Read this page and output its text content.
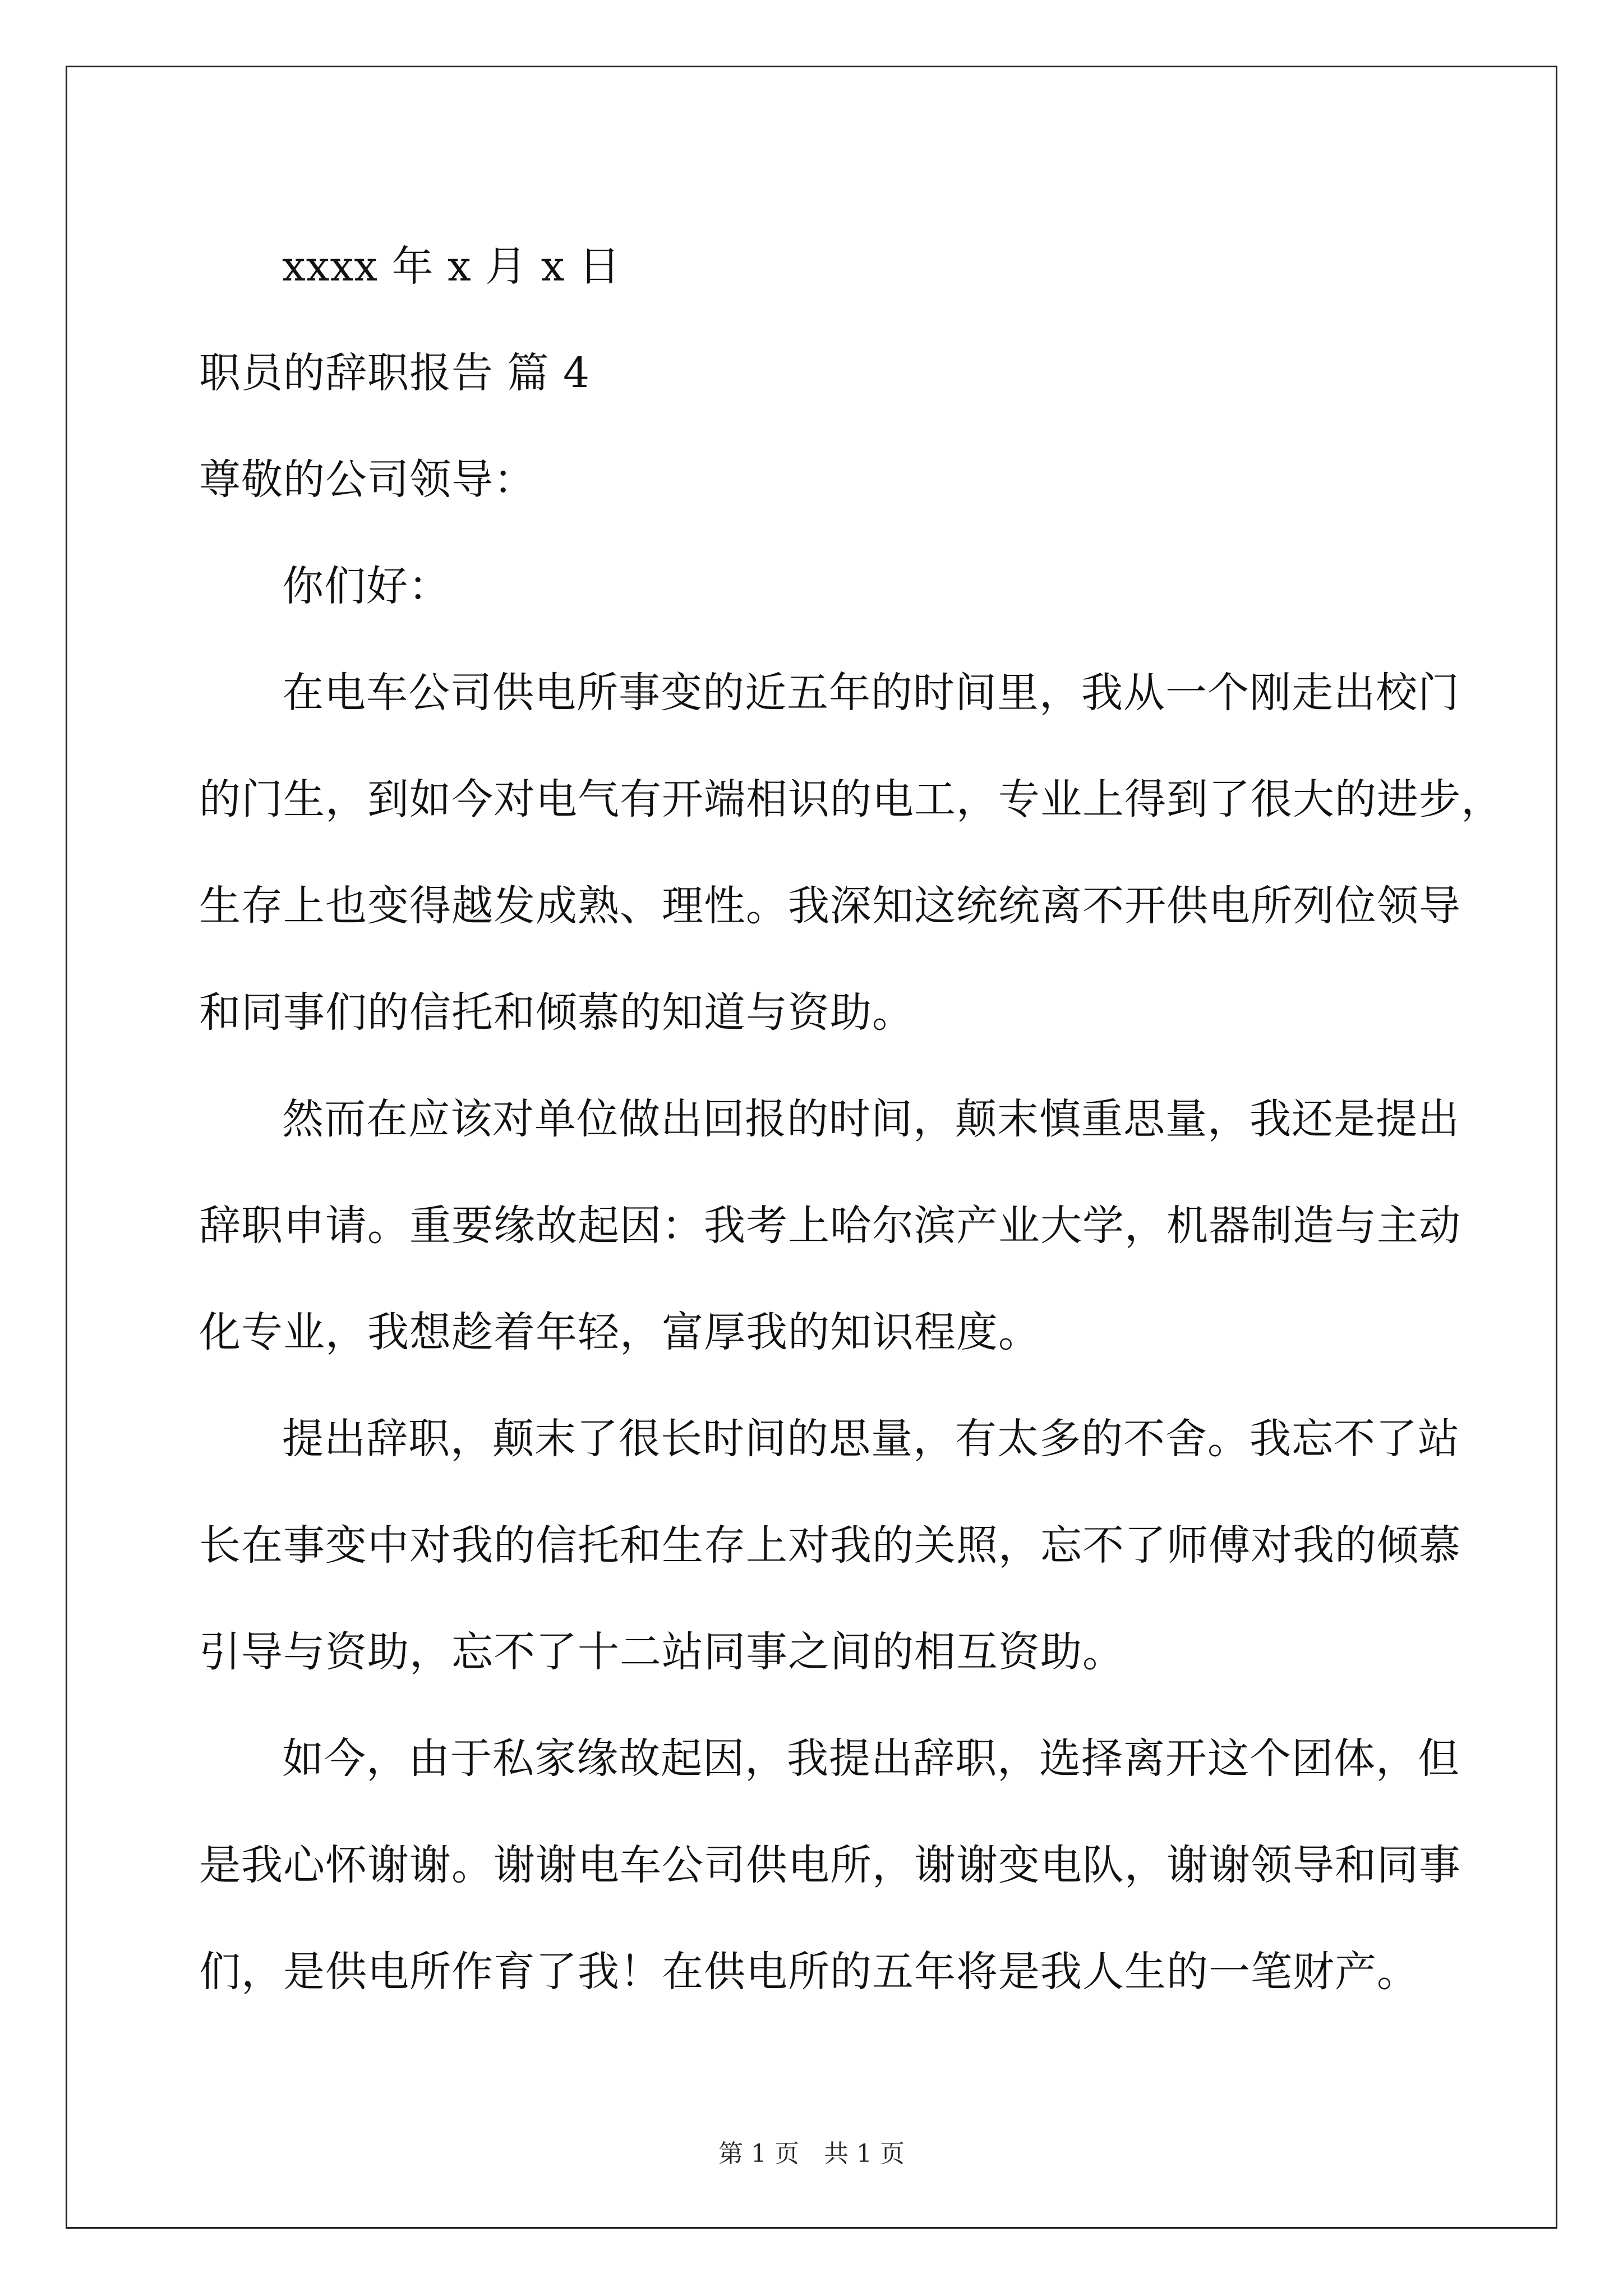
xxxx 年 x 月 x 日
职员的辞职报告 篇 4
尊敬的公司领导：
你们好：
在电车公司供电所事变的近五年的时间里，我从一个刚走出校门
的门生，到如今对电气有开端相识的电工，专业上得到了很大的进步，
生存上也变得越发成熟、理性。我深知这统统离不开供电所列位领导
和同事们的信托和倾慕的知道与资助。
然而在应该对单位做出回报的时间，颠末慎重思量，我还是提出
辞职申请。重要缘故起因：我考上哈尔滨产业大学，机器制造与主动
化专业，我想趁着年轻，富厚我的知识程度。
提出辞职，颠末了很长时间的思量，有太多的不舍。我忘不了站
长在事变中对我的信托和生存上对我的关照，忘不了师傅对我的倾慕
引导与资助，忘不了十二站同事之间的相互资助。
如今，由于私家缘故起因，我提出辞职，选择离开这个团体，但
是我心怀谢谢。谢谢电车公司供电所，谢谢变电队，谢谢领导和同事
们，是供电所作育了我！在供电所的五年将是我人生的一笔财产。
第 1 页　共 1 页
